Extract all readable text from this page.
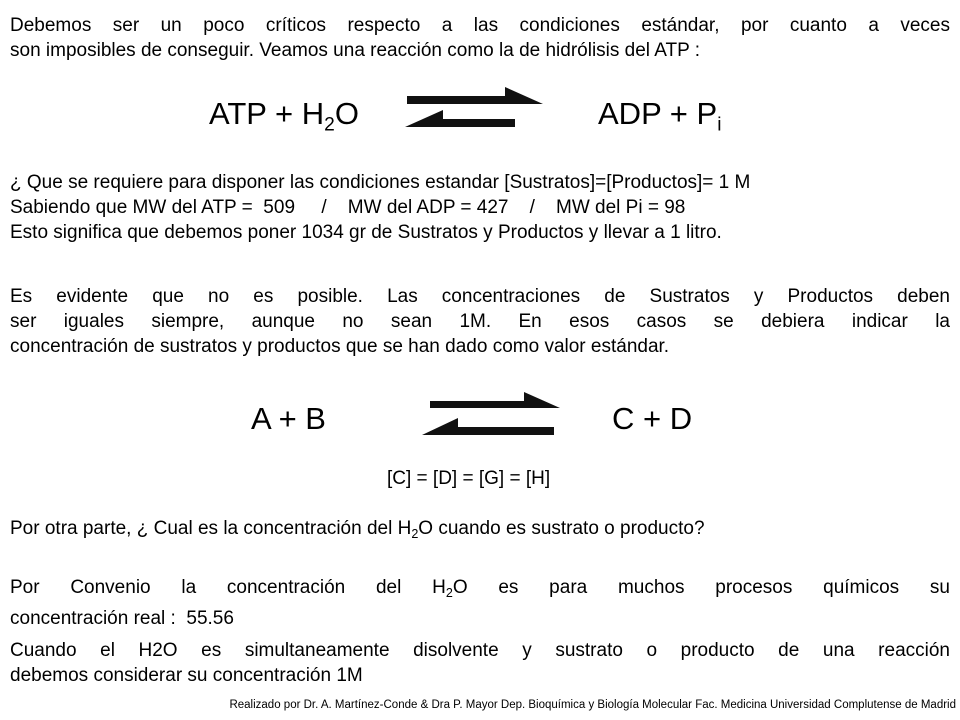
Debemos ser un poco críticos respecto a las condiciones estándar, por cuanto a veces
son imposibles de conseguir. Veamos una reacción como la de hidrólisis del ATP :
ATP + $H_2O$	ADP + $P_i$
¿ Que se requiere para disponer las condiciones estandar [Sustratos]=[Productos]= 1 M
Sabiendo que MW del ATP =  509     /    MW del ADP = 427    /    MW del Pi = 98
Esto significa que debemos poner 1034 gr de Sustratos y Productos y llevar a 1 litro.
Es evidente que no es posible. Las concentraciones de Sustratos y Productos deben
ser iguales siempre, aunque no sean 1M. En esos casos se debiera indicar la
concentración de sustratos y productos que se han dado como valor estándar.
A + B	C + D
[C] = [D] = [G] = [H]
Por otra parte, ¿ Cual es la concentración del H2O cuando es sustrato o producto?
Por Convenio la concentración del H2O es para muchos procesos químicos su
concentración real :  55.56
Cuando el H2O es simultaneamente disolvente y sustrato o producto de una reacción
debemos considerar su concentración 1M
Realizado por Dr. A. Martínez-Conde & Dra P. Mayor Dep. Bioquímica y Biología Molecular Fac. Medicina Universidad Complutense de Madrid
